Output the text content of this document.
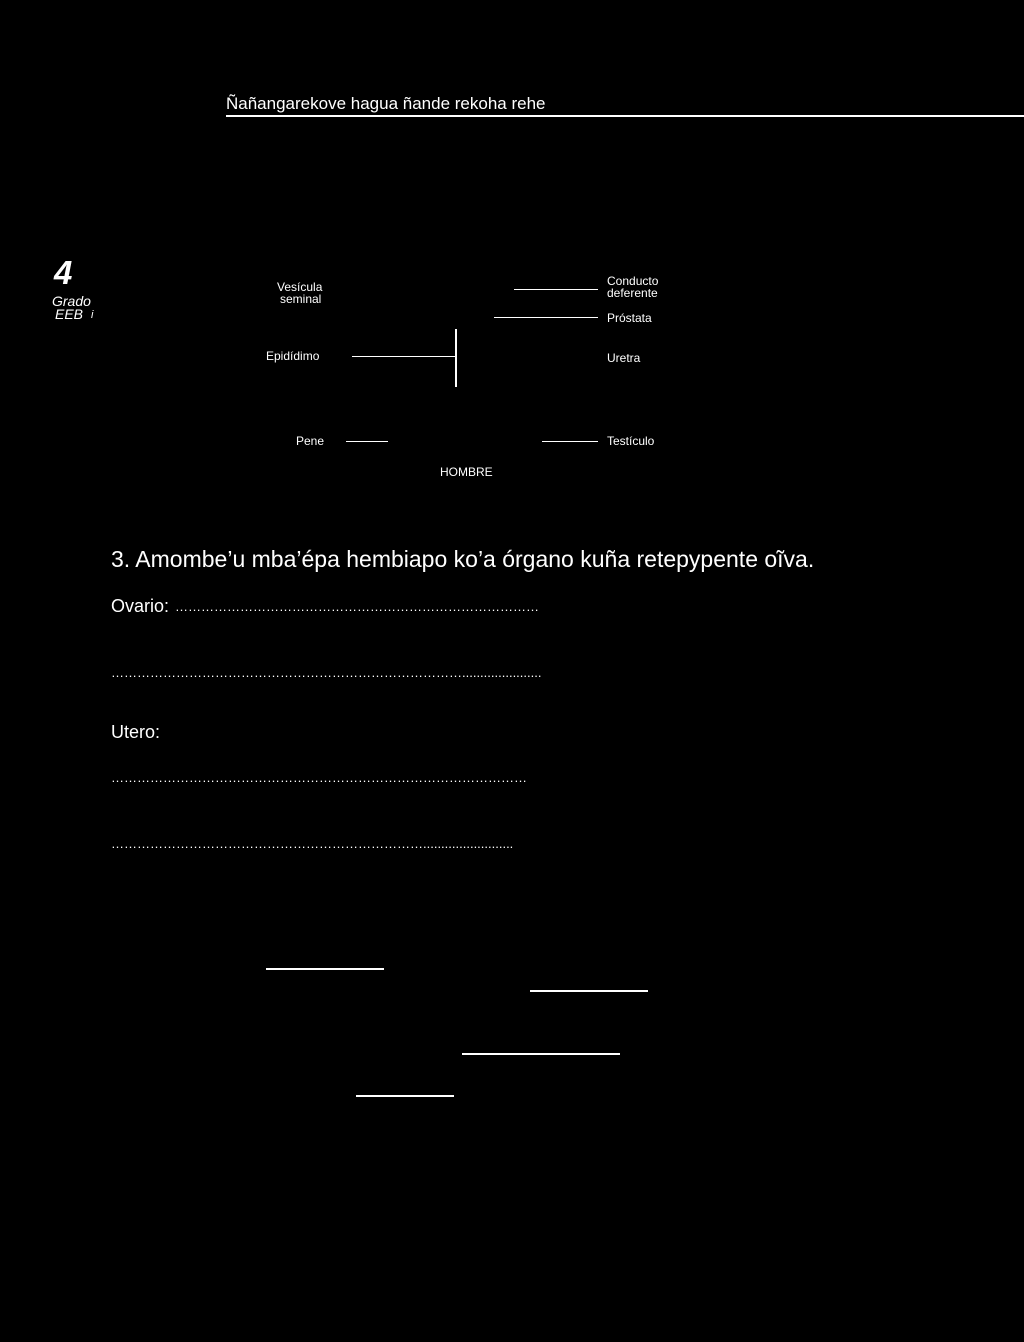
Ñañangarekove hagua ñande rekoha rehe
4
Grado
EEB i
Vesícula
seminal
Conducto
deferente
Próstata
Epidídimo	Uretra
Pene	Testículo
HOMBRE
3. Amombe’u mba’épa hembiapo ko’a órgano kuña retepypente oĩva.
Ovario: …………………………………………………………………………
………………………………………………………………………......................
Utero:
……………………………………………………………………………………
……………………………………………………………….........................
